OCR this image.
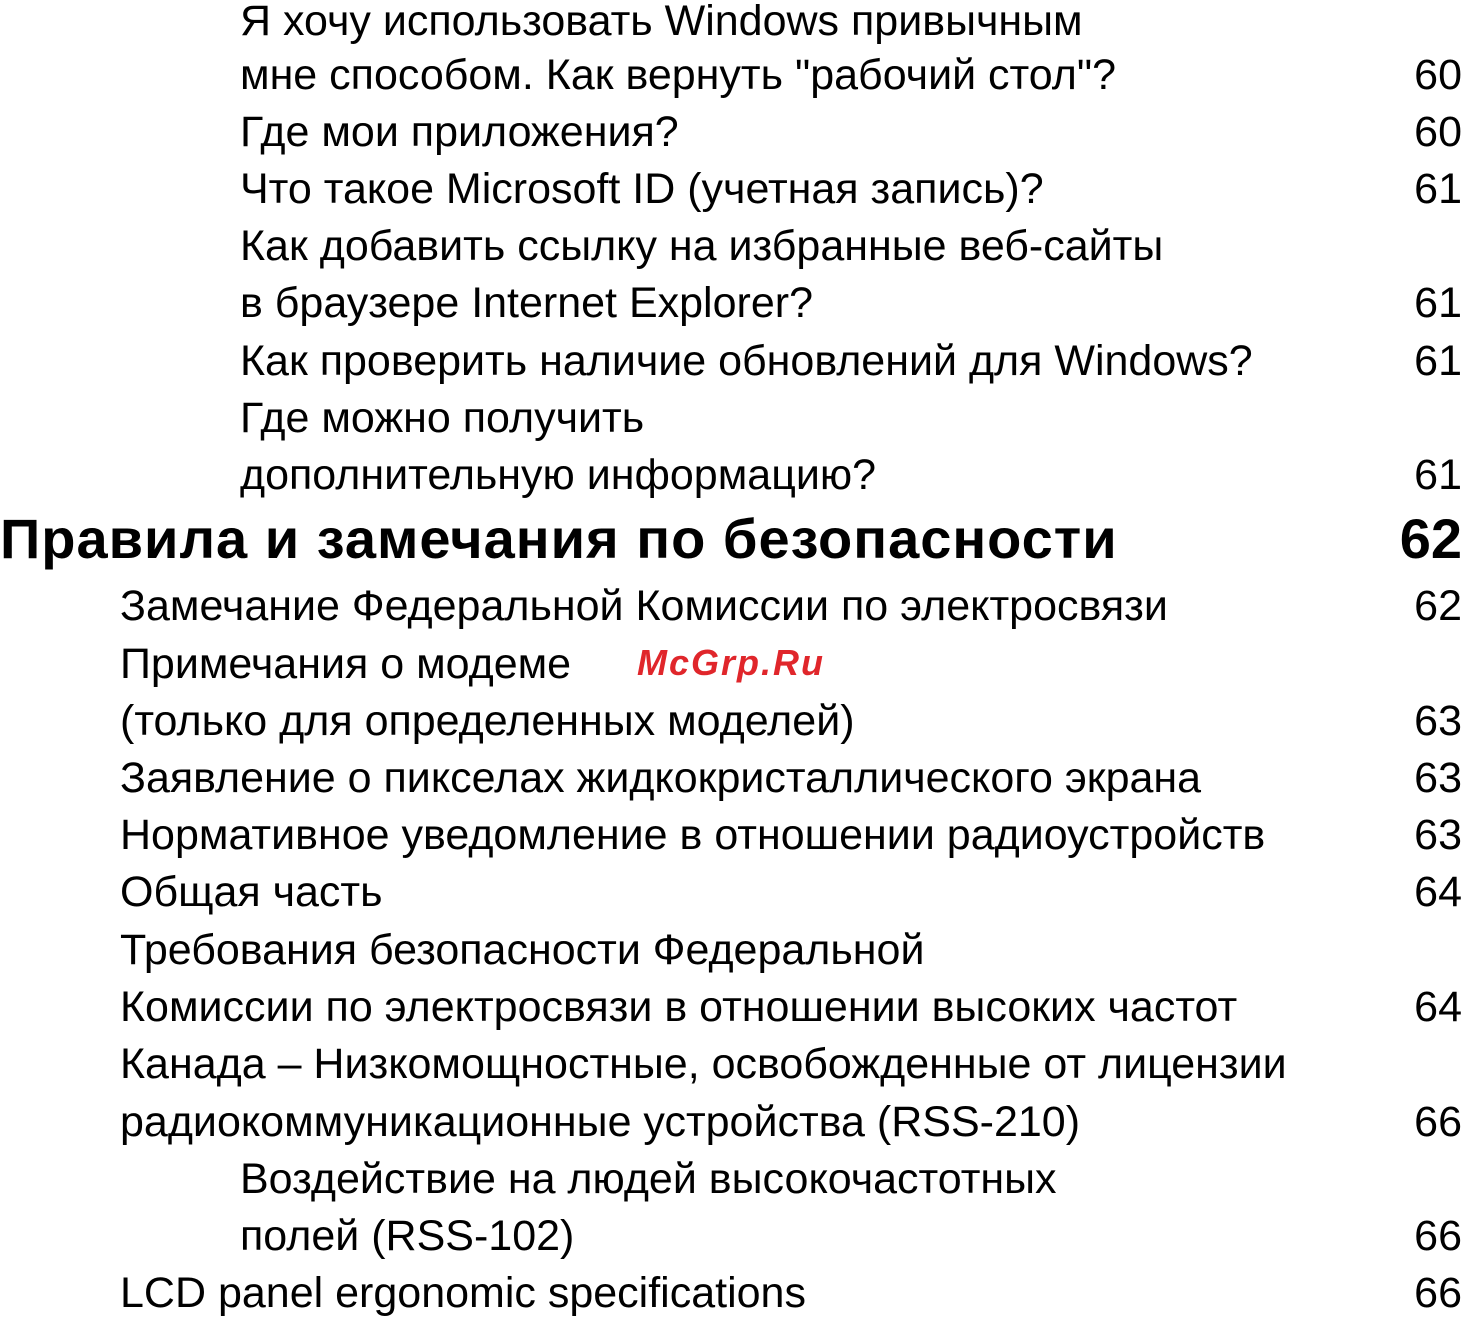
Я хочу использовать Windows привычным
мне способом. Как вернуть "рабочий стол"?	60
Где мои приложения?	60
Что такое Microsoft ID (учетная запись)?	61
Как добавить ссылку на избранные веб-сайты
в браузере Internet Explorer?	61
Как проверить наличие обновлений для Windows?	61
Где можно получить
дополнительную информацию?	61
Правила и замечания по безопасности	62
Замечание Федеральной Комиссии по электросвязи	62
Примечания о модеме
(только для определенных моделей)	63
Заявление о пикселах жидкокристаллического экрана	63
Нормативное уведомление в отношении радиоустройств	63
Общая часть	64
Требования безопасности Федеральной
Комиссии по электросвязи в отношении высоких частот	64
Канада – Низкомощностные, освобожденные от лицензии
радиокоммуникационные устройства (RSS-210)	66
Воздействие на людей высокочастотных
полей (RSS-102)	66
LCD panel ergonomic specifications	66
McGrp.Ru
